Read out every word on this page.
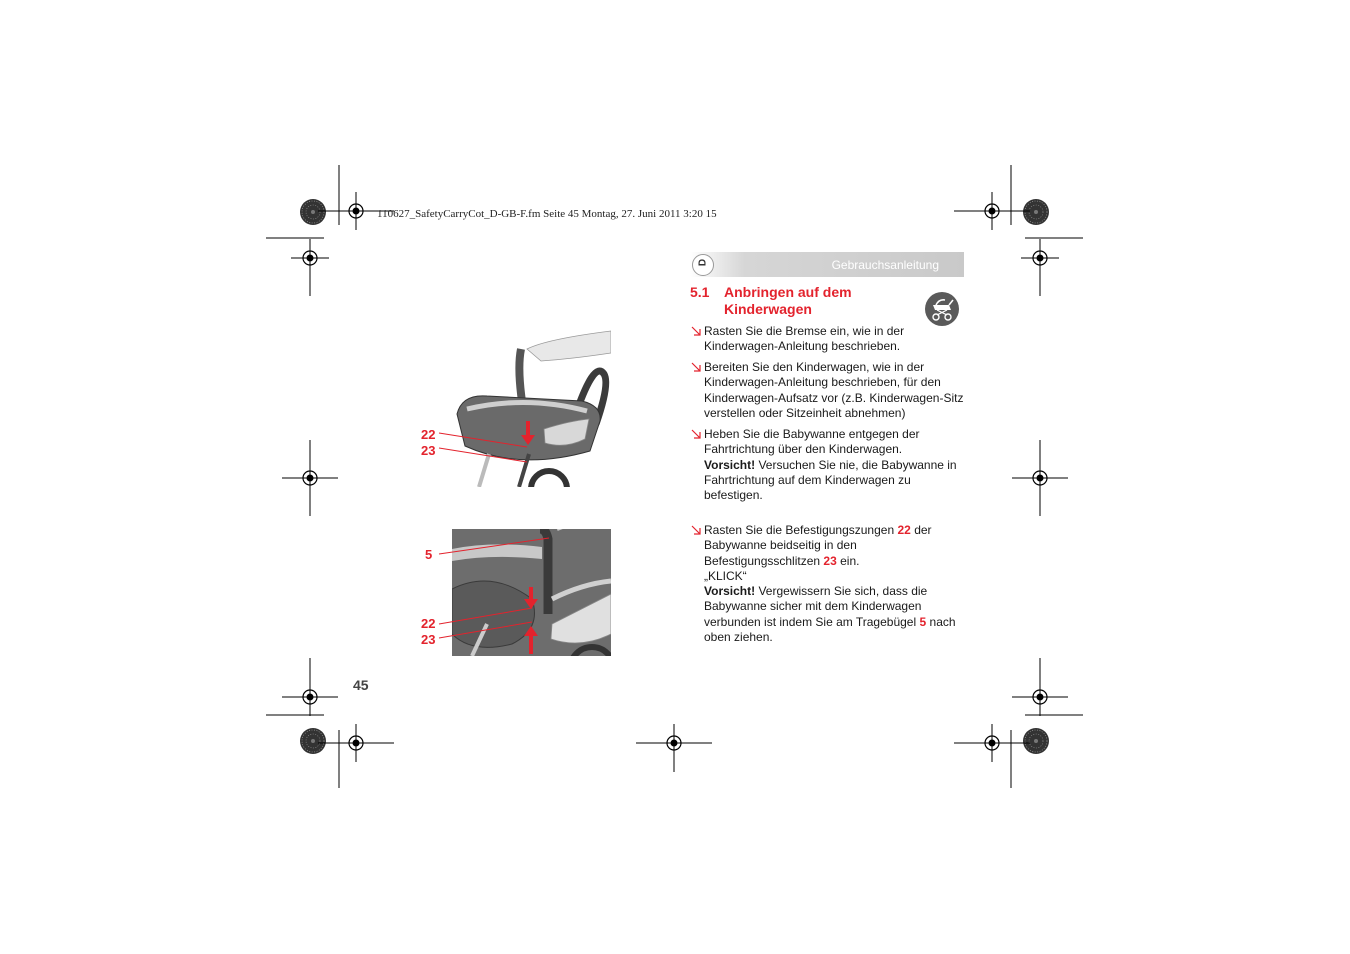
110627_SafetyCarryCot_D-GB-F.fm Seite 45 Montag, 27. Juni 2011 3:20 15
D	Gebrauchsanleitung
5.1 Anbringen auf dem Kinderwagen
Rasten Sie die Bremse ein, wie in der Kinderwagen-Anleitung beschrieben.
Bereiten Sie den Kinderwagen, wie in der Kinderwagen-Anleitung beschrieben, für den Kinderwagen-Aufsatz vor (z.B. Kinderwagen-Sitz verstellen oder Sitzeinheit abnehmen)
Heben Sie die Babywanne entgegen der Fahrtrichtung über den Kinderwagen.
Vorsicht! Versuchen Sie nie, die Babywanne in Fahrtrichtung auf dem Kinderwagen zu befestigen.
Rasten Sie die Befestigungszungen 22 der Babywanne beidseitig in den Befestigungsschlitzen 23 ein.
„KLICK“
Vorsicht! Vergewissern Sie sich, dass die Babywanne sicher mit dem Kinderwagen verbunden ist indem Sie am Tragebügel 5 nach oben ziehen.
22
23
5
22
23
45
